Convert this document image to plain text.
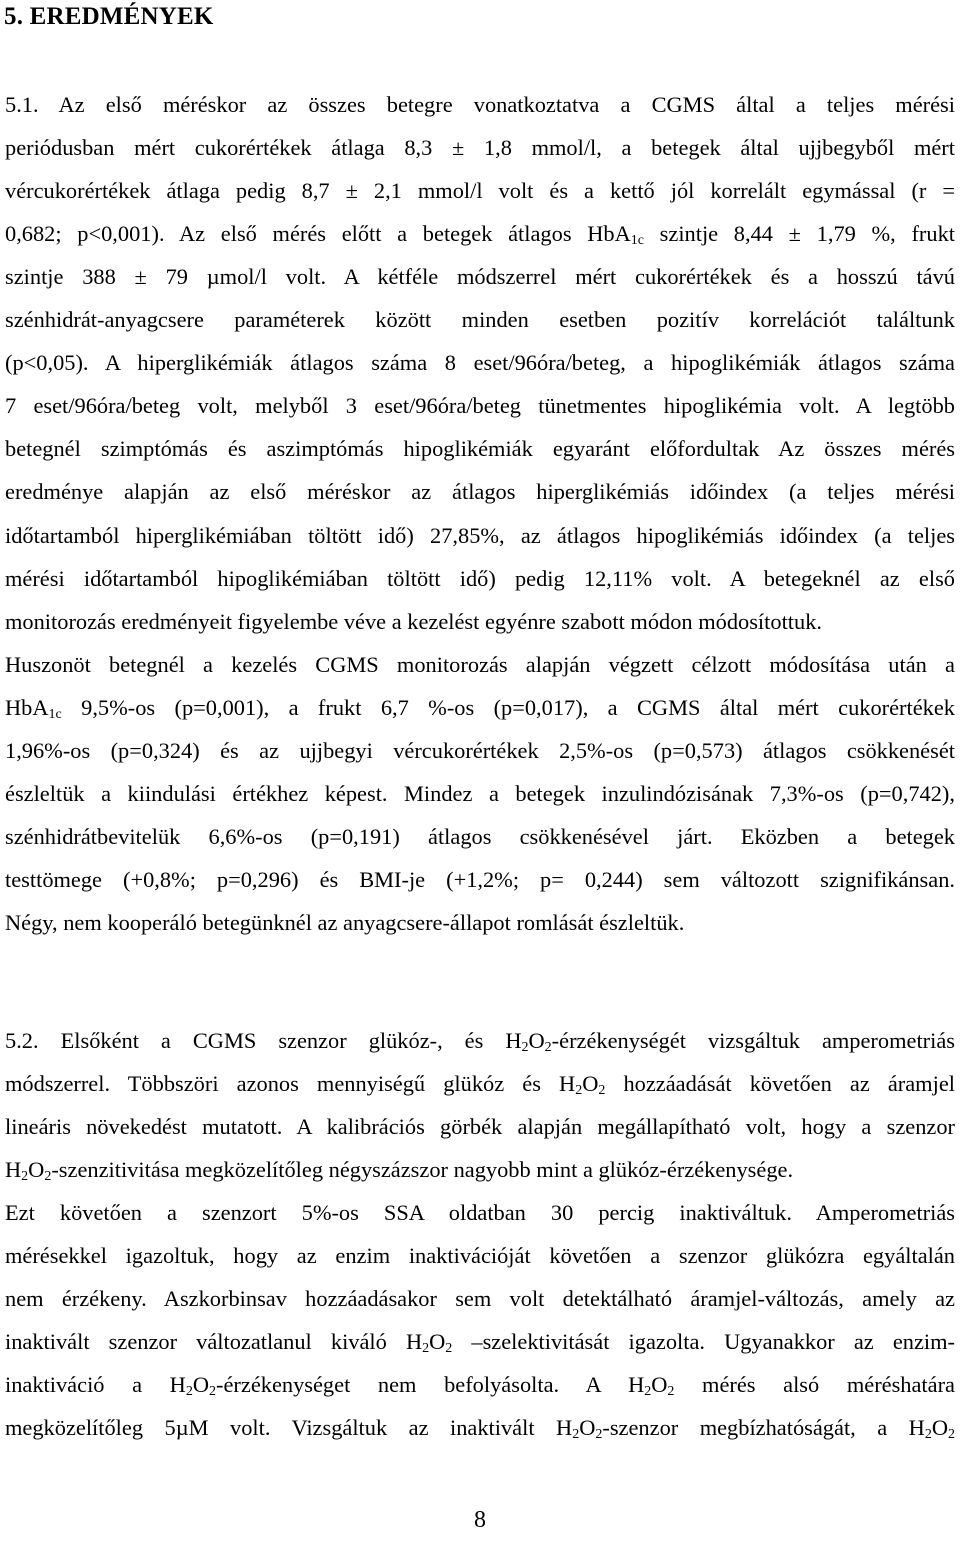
5. EREDMÉNYEK
5.1. Az első méréskor az összes betegre vonatkoztatva a CGMS által a teljes mérési
periódusban mért cukorértékek átlaga 8,3 ± 1,8 mmol/l, a betegek által ujjbegyből mért
vércukorértékek átlaga pedig 8,7 ± 2,1 mmol/l volt és a kettő jól korrelált egymással (r =
0,682; p<0,001). Az első mérés előtt a betegek átlagos HbA$_{1c}$ szintje 8,44 ± 1,79 %, frukt
szintje 388 ± 79 µmol/l volt. A kétféle módszerrel mért cukorértékek és a hosszú távú
szénhidrát-anyagcsere paraméterek között minden esetben pozitív korrelációt találtunk
(p<0,05). A hiperglikémiák átlagos száma 8 eset/96óra/beteg, a hipoglikémiák átlagos száma
7 eset/96óra/beteg volt, melyből 3 eset/96óra/beteg tünetmentes hipoglikémia volt. A legtöbb
betegnél szimptómás és aszimptómás hipoglikémiák egyaránt előfordultak Az összes mérés
eredménye alapján az első méréskor az átlagos hiperglikémiás időindex (a teljes mérési
időtartamból hiperglikémiában töltött idő) 27,85%, az átlagos hipoglikémiás időindex (a teljes
mérési időtartamból hipoglikémiában töltött idő) pedig 12,11% volt. A betegeknél az első
monitorozás eredményeit figyelembe véve a kezelést egyénre szabott módon módosítottuk.
Huszonöt betegnél a kezelés CGMS monitorozás alapján végzett célzott módosítása után a
HbA$_{1c}$ 9,5%-os (p=0,001), a frukt 6,7 %-os (p=0,017), a CGMS által mért cukorértékek
1,96%-os (p=0,324) és az ujjbegyi vércukorértékek 2,5%-os (p=0,573) átlagos csökkenését
észleltük a kiindulási értékhez képest. Mindez a betegek inzulindózisának 7,3%-os (p=0,742),
szénhidrátbevitelük 6,6%-os (p=0,191) átlagos csökkenésével járt. Eközben a betegek
testtömege (+0,8%; p=0,296) és BMI-je (+1,2%; p= 0,244) sem változott szignifikánsan.
Négy, nem kooperáló betegünknél az anyagcsere-állapot romlását észleltük.
5.2. Elsőként a CGMS szenzor glükóz-, és $H_2O_2$-érzékenységét vizsgáltuk amperometriás
módszerrel. Többszöri azonos mennyiségű glükóz és $H_2O_2$ hozzáadását követően az áramjel
lineáris növekedést mutatott. A kalibrációs görbék alapján megállapítható volt, hogy a szenzor
$H_2O_2$-szenzitivitása megközelítőleg négyszázszor nagyobb mint a glükóz-érzékenysége.
Ezt követően a szenzort 5%-os SSA oldatban 30 percig inaktiváltuk. Amperometriás
mérésekkel igazoltuk, hogy az enzim inaktivációját követően a szenzor glükózra egyáltalán
nem érzékeny. Aszkorbinsav hozzáadásakor sem volt detektálható áramjel-változás, amely az
inaktivált szenzor változatlanul kiváló $H_2O_2$ –szelektivitását igazolta. Ugyanakkor az enzim-
inaktiváció a $H_2O_2$-érzékenységet nem befolyásolta. A $H_2O_2$ mérés alsó méréshatára
megközelítőleg 5µM volt. Vizsgáltuk az inaktivált $H_2O_2$-szenzor megbízhatóságát, a $H_2O_2$
8
